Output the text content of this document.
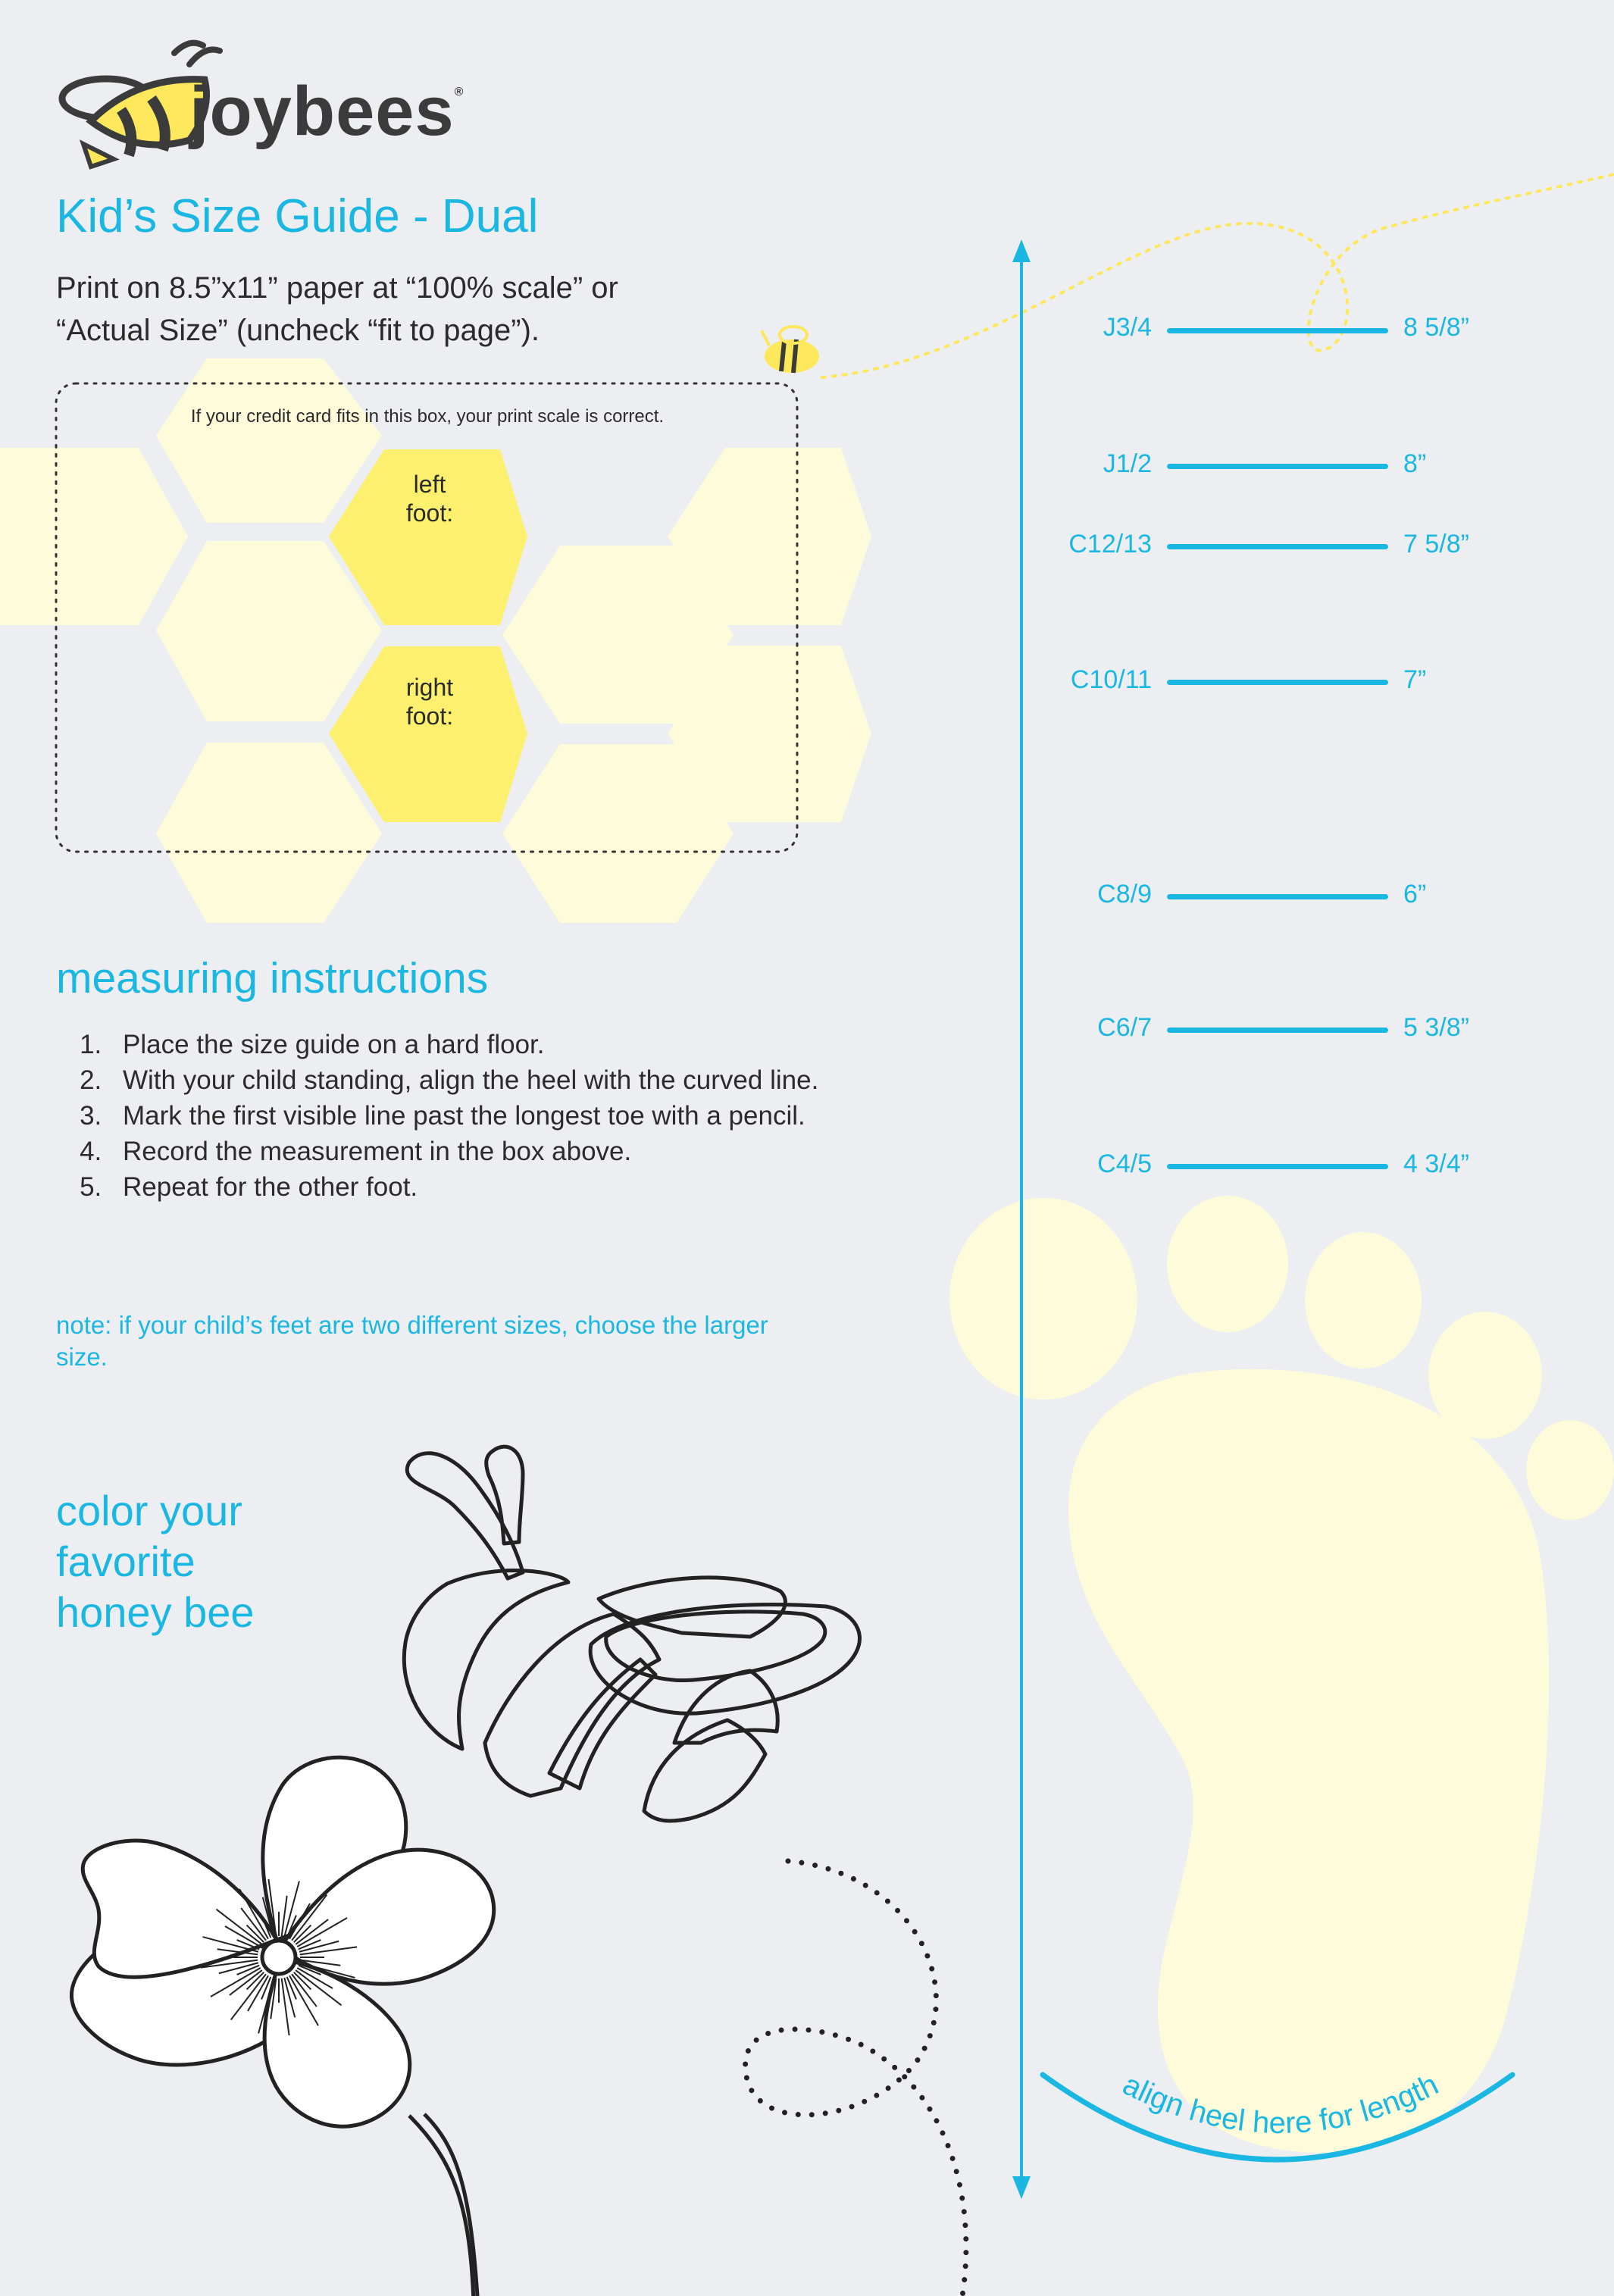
joybees®
Kid’s Size Guide - Dual
Print on 8.5”x11” paper at “100% scale” or
“Actual Size” (uncheck “fit to page”).
If your credit card fits in this box, your print scale is correct.
left
foot:
right
foot:
measuring instructions
1. Place the size guide on a hard floor.
2. With your child standing, align the heel with the curved line.
3. Mark the first visible line past the longest toe with a pencil.
4. Record the measurement in the box above.
5. Repeat for the other foot.
note: if your child’s feet are two different sizes, choose the larger size.
color your
favorite
honey bee
J3/4	8 5/8”
J1/2	8”
C12/13	7 5/8”
C10/11	7”
C8/9	6”
C6/7	5 3/8”
C4/5	4 3/4”
align heel here for length
